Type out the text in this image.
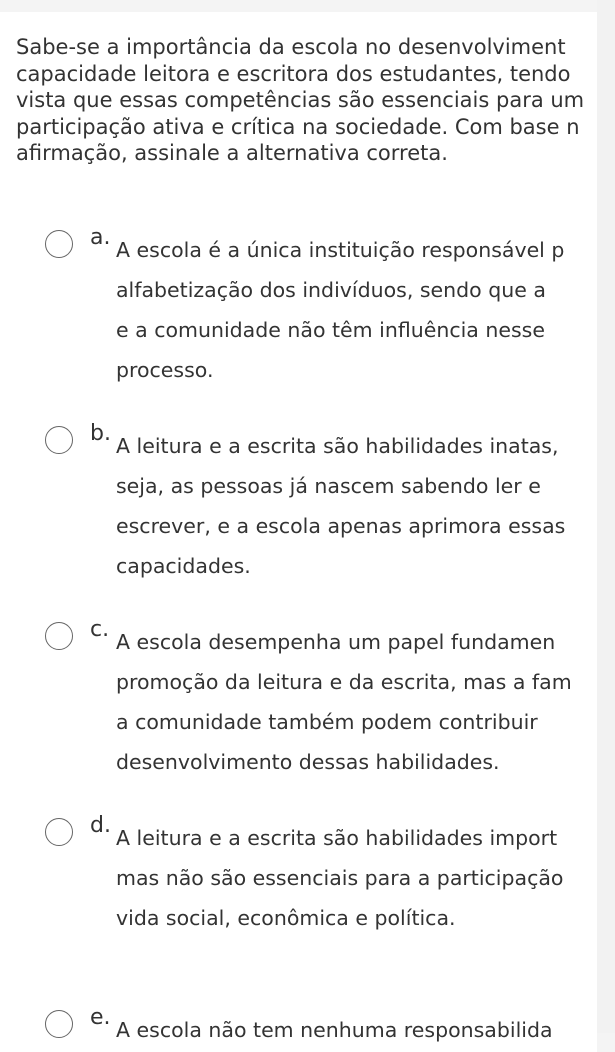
Sabe-se a importância da escola no desenvolviment
capacidade leitora e escritora dos estudantes, tendo
vista que essas competências são essenciais para um
participação ativa e crítica na sociedade. Com base n
afirmação, assinale a alternativa correta.

a. A escola é a única instituição responsável p
alfabetização dos indivíduos, sendo que a
e a comunidade não têm influência nesse
processo.

b. A leitura e a escrita são habilidades inatas,
seja, as pessoas já nascem sabendo ler e
escrever, e a escola apenas aprimora essas
capacidades.

c. A escola desempenha um papel fundamen
promoção da leitura e da escrita, mas a fam
a comunidade também podem contribuir
desenvolvimento dessas habilidades.

d. A leitura e a escrita são habilidades import
mas não são essenciais para a participação
vida social, econômica e política.

e. A escola não tem nenhuma responsabilida
